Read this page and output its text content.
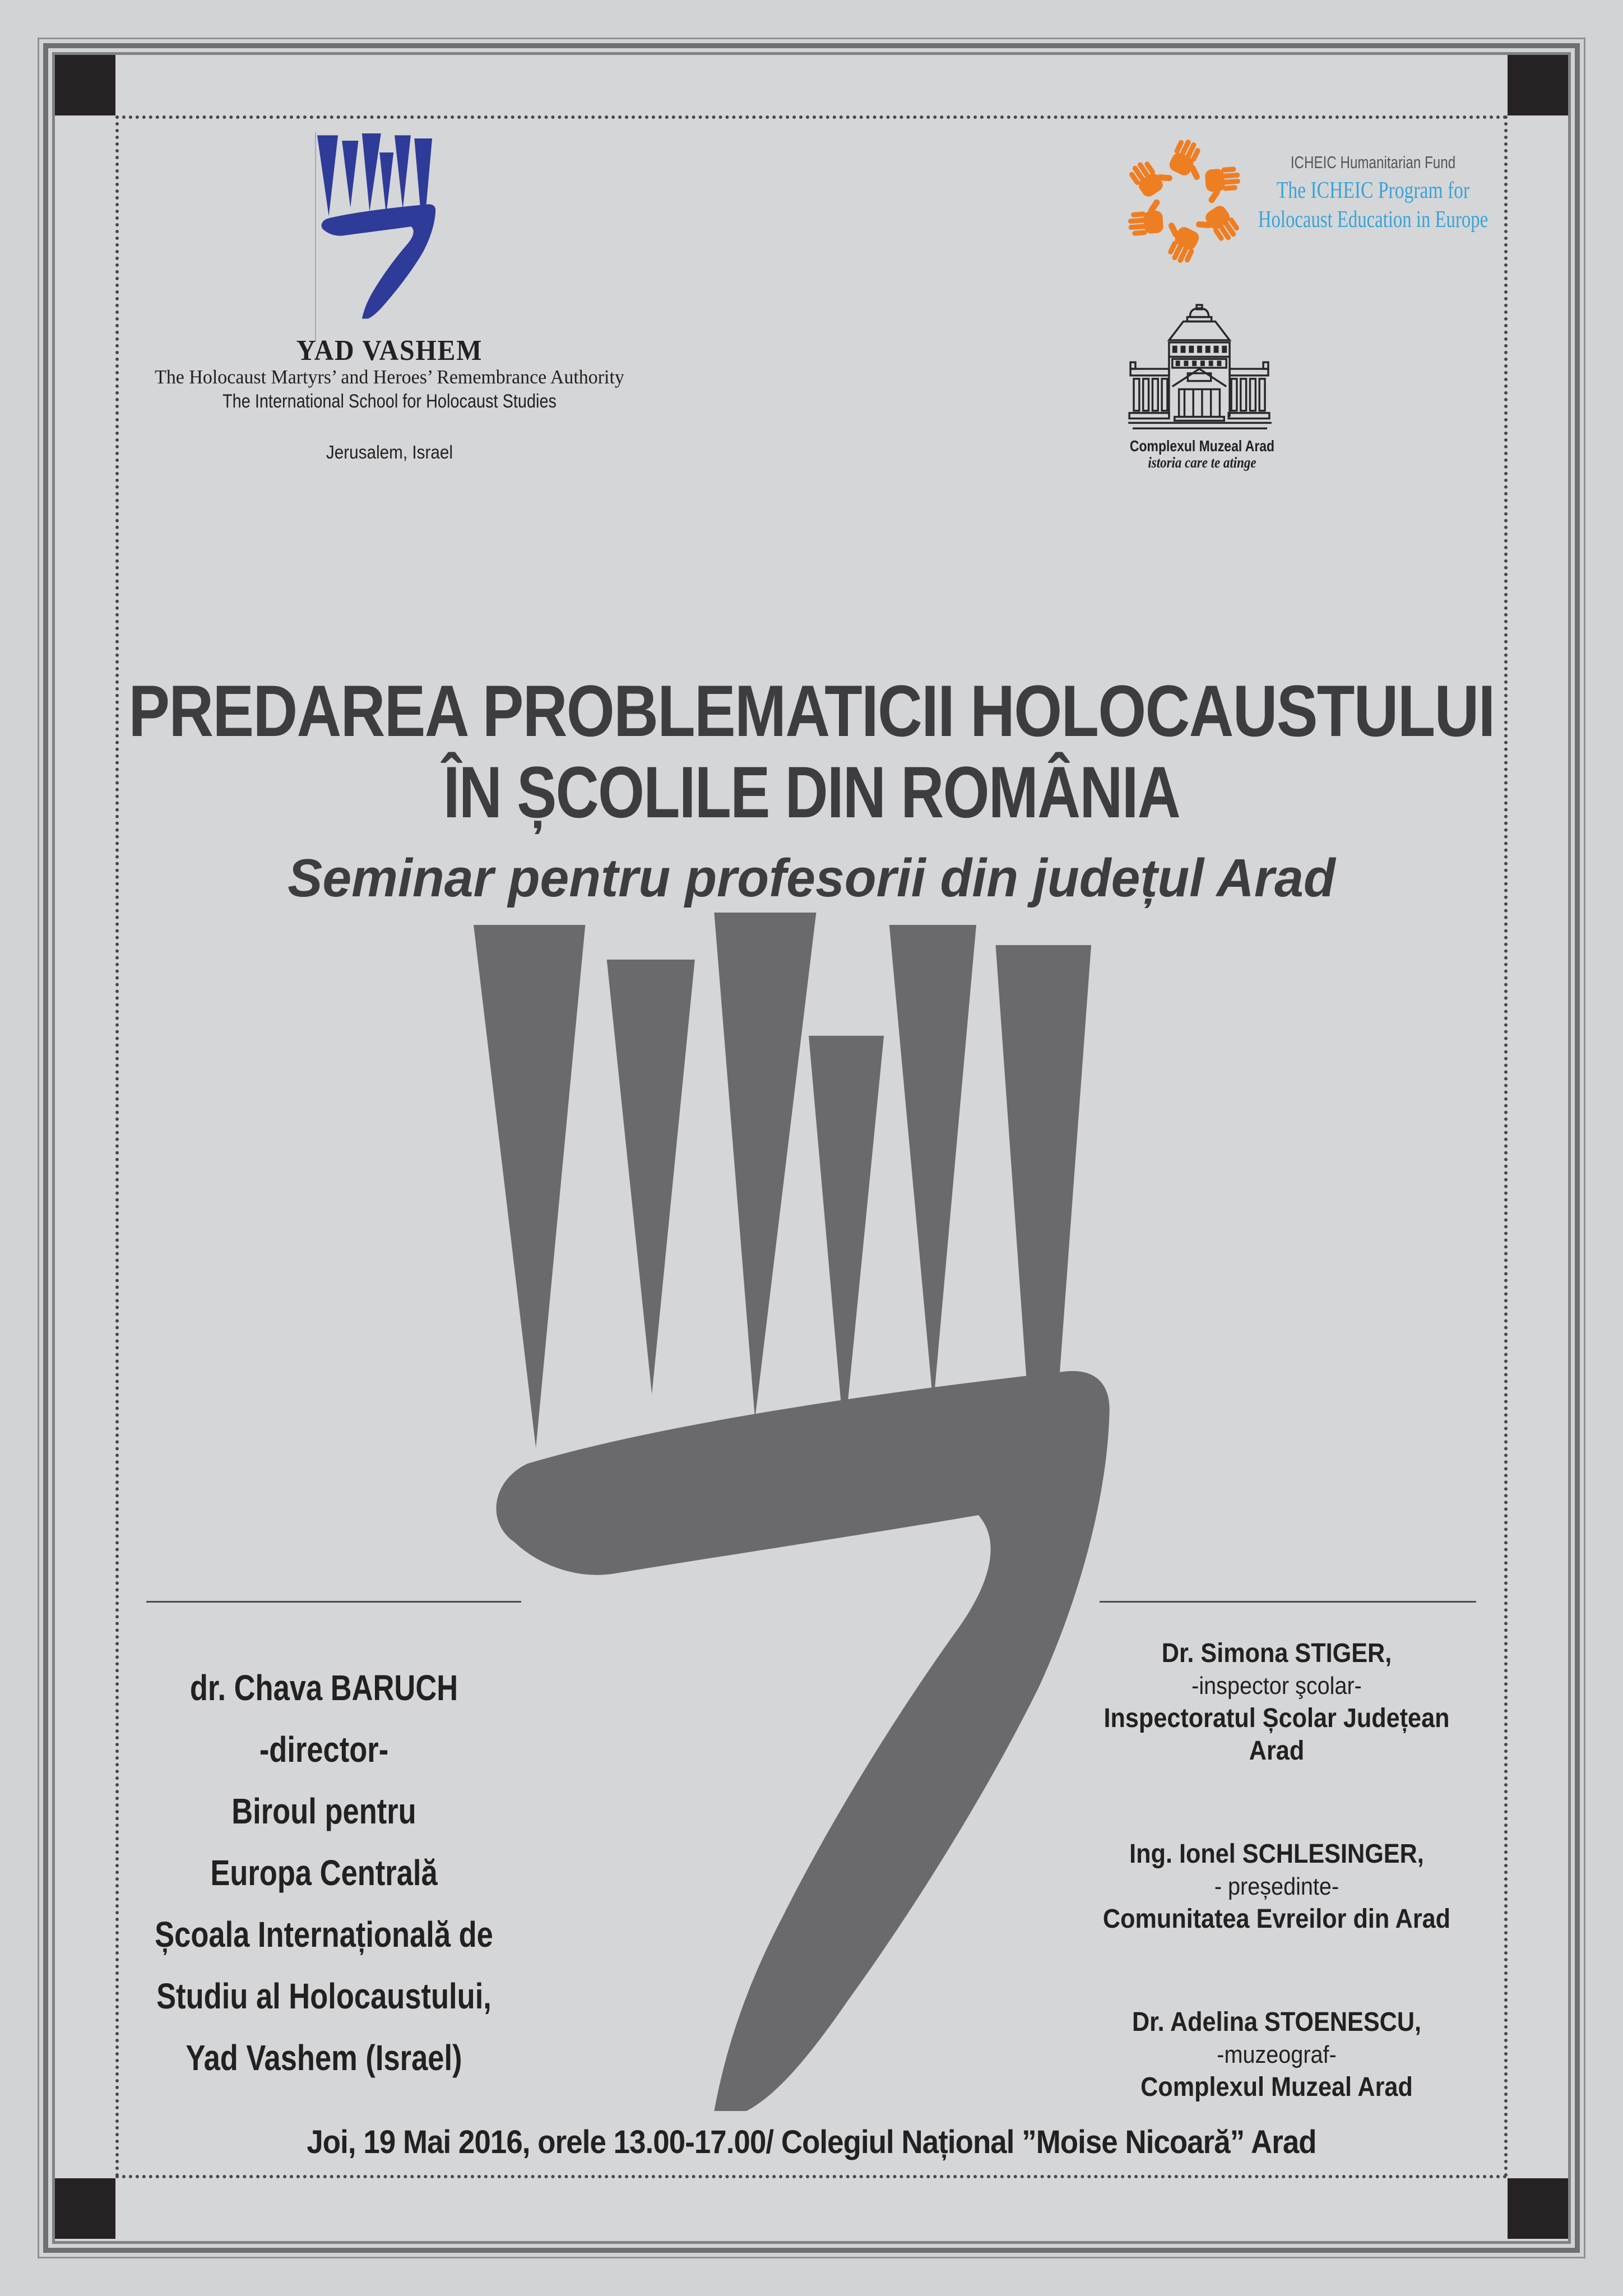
YAD VASHEM
The Holocaust Martyrs’ and Heroes’ Remembrance Authority
The International School for Holocaust Studies
Jerusalem, Israel
ICHEIC Humanitarian Fund
The ICHEIC Program for
Holocaust Education in Europe
Complexul Muzeal Arad
istoria care te atinge
PREDAREA PROBLEMATICII HOLOCAUSTULUI
ÎN ȘCOLILE DIN ROMÂNIA
Seminar pentru profesorii din județul Arad
dr. Chava BARUCH
-director-
Biroul pentru
Europa Centrală
Școala Internațională de
Studiu al Holocaustului,
Yad Vashem (Israel)
Dr. Simona STIGER,
-inspector şcolar-
Inspectoratul Școlar Județean Arad
Ing. Ionel SCHLESINGER,
- președinte-
Comunitatea Evreilor din Arad
Dr. Adelina STOENESCU,
-muzeograf-
Complexul Muzeal Arad
Joi, 19 Mai 2016, orele 13.00-17.00/ Colegiul Național ”Moise Nicoară” Arad
